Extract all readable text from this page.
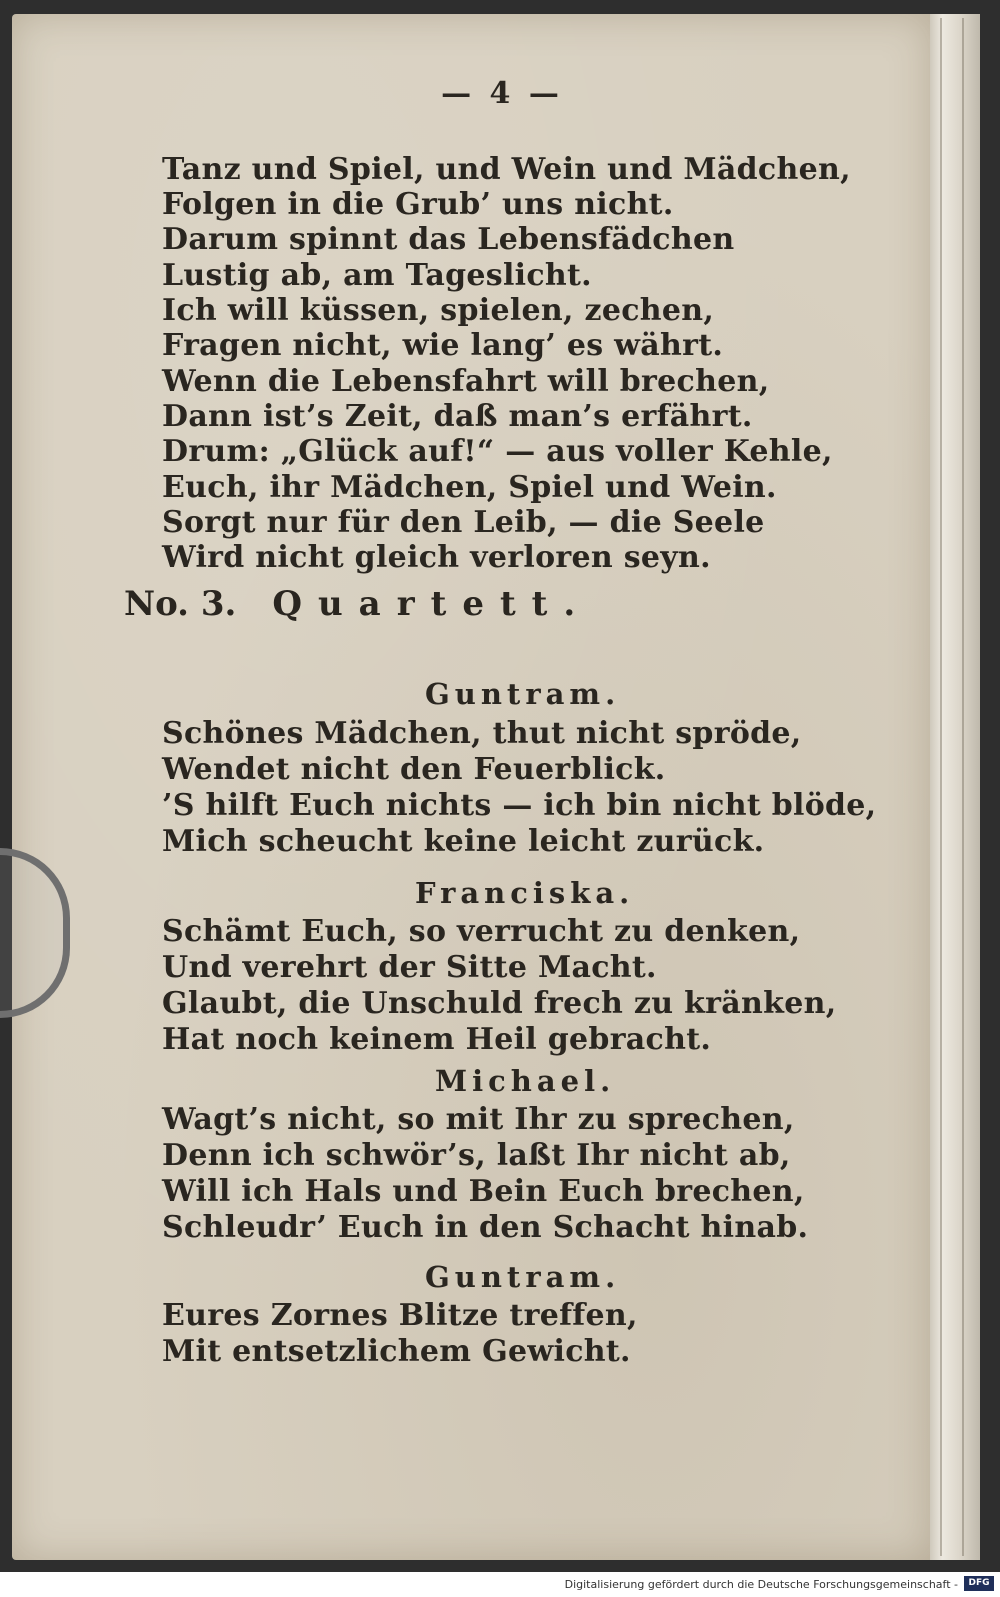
— 4 —
Tanz und Spiel, und Wein und Mädchen,
Folgen in die Grub’ uns nicht.
Darum spinnt das Lebensfädchen
Lustig ab, am Tageslicht.
Ich will küssen, spielen, zechen,
Fragen nicht, wie lang’ es währt.
Wenn die Lebensfahrt will brechen,
Dann ist’s Zeit, daß man’s erfährt.
Drum: „Glück auf!“ — aus voller Kehle,
Euch, ihr Mädchen, Spiel und Wein.
Sorgt nur für den Leib, — die Seele
Wird nicht gleich verloren seyn.
No. 3. Quartett.
Guntram.
Schönes Mädchen, thut nicht spröde,
Wendet nicht den Feuerblick.
’S hilft Euch nichts — ich bin nicht blöde,
Mich scheucht keine leicht zurück.
Franciska.
Schämt Euch, so verrucht zu denken,
Und verehrt der Sitte Macht.
Glaubt, die Unschuld frech zu kränken,
Hat noch keinem Heil gebracht.
Michael.
Wagt’s nicht, so mit Ihr zu sprechen,
Denn ich schwör’s, laßt Ihr nicht ab,
Will ich Hals und Bein Euch brechen,
Schleudr’ Euch in den Schacht hinab.
Guntram.
Eures Zornes Blitze treffen,
Mit entsetzlichem Gewicht.
Digitalisierung gefördert durch die Deutsche Forschungsgemeinschaft -	DFG
